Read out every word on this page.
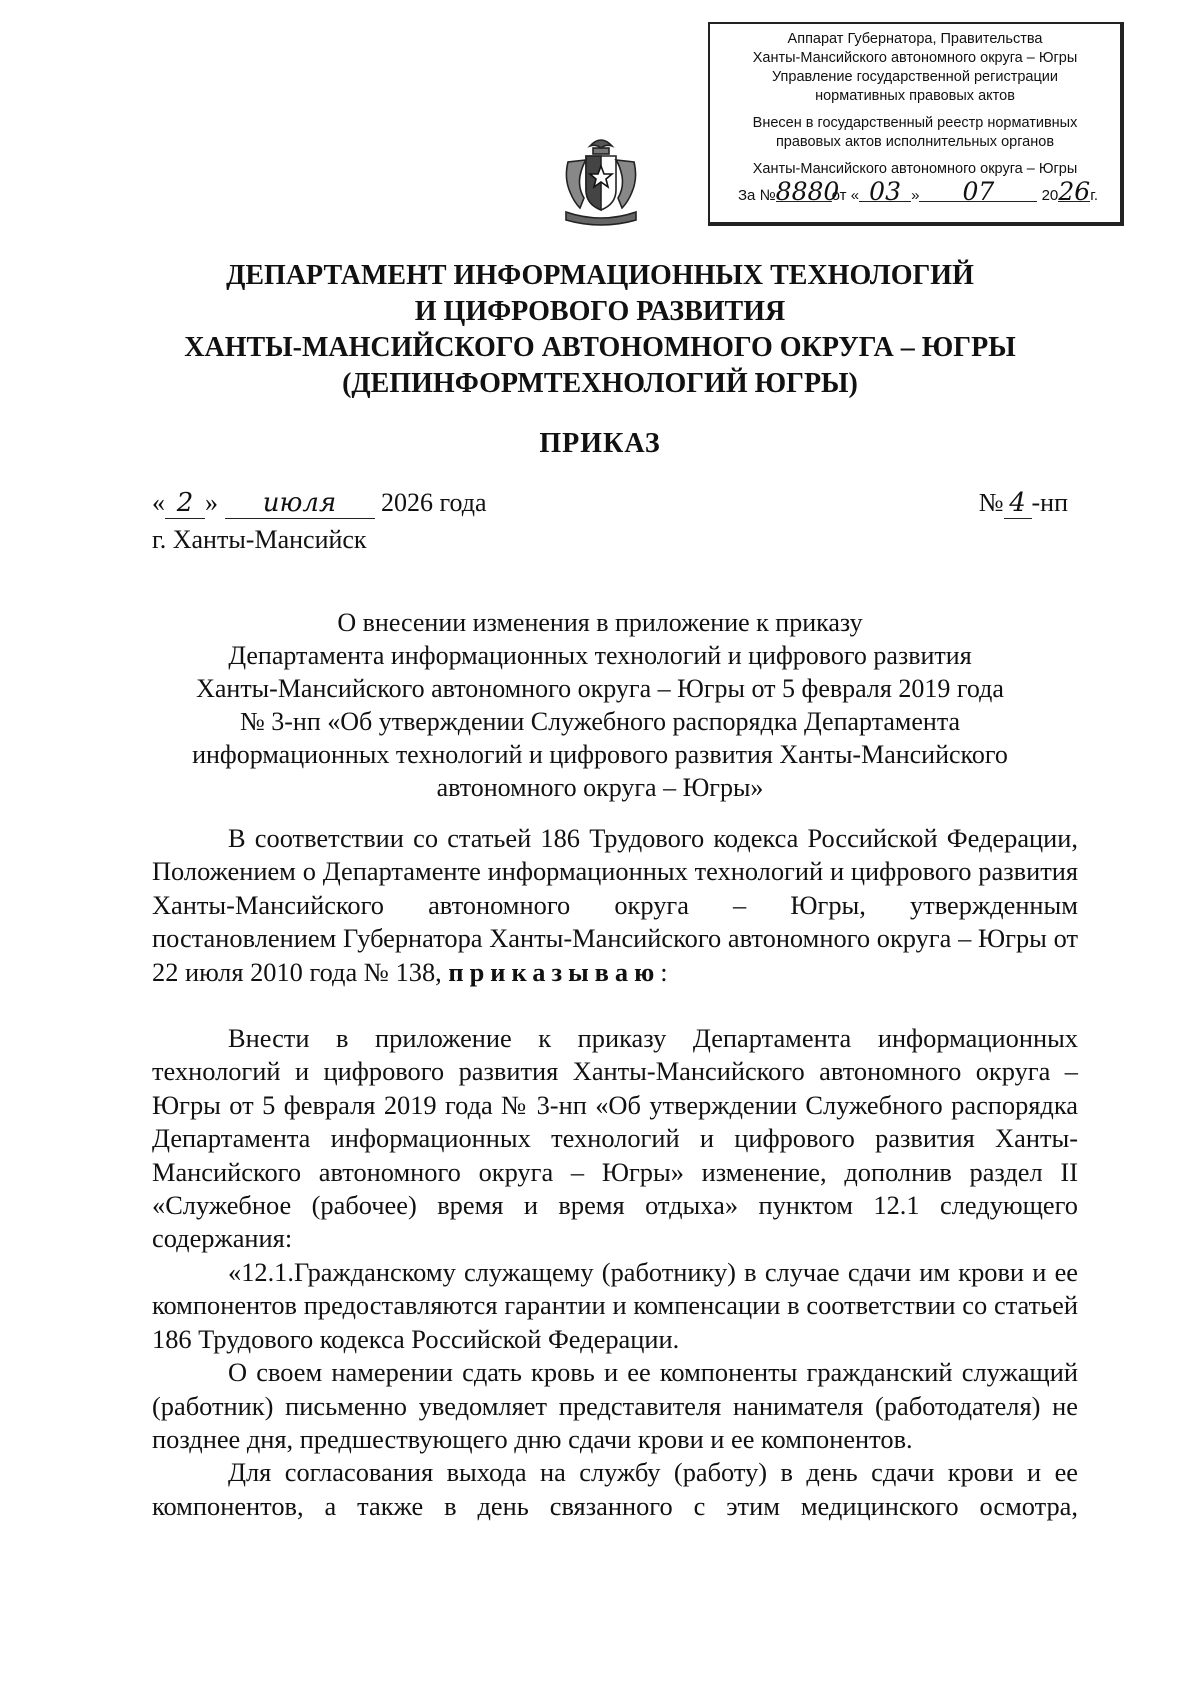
Аппарат Губернатора, Правительства
Ханты-Мансийского автономного округа – Югры
Управление государственной регистрации
нормативных правовых актов
Внесен в государственный реестр нормативных
правовых актов исполнительных органов
Ханты-Мансийского автономного округа – Югры
За №8880от « 03 » 07	2026г.
ДЕПАРТАМЕНТ ИНФОРМАЦИОННЫХ ТЕХНОЛОГИЙ
И ЦИФРОВОГО РАЗВИТИЯ
ХАНТЫ-МАНСИЙСКОГО АВТОНОМНОГО ОКРУГА – ЮГРЫ
(ДЕПИНФОРМТЕХНОЛОГИЙ ЮГРЫ)
ПРИКАЗ
« 2 » июля 2026 года	№ 4 -нп
г. Ханты-Мансийск
О внесении изменения в приложение к приказу
Департамента информационных технологий и цифрового развития
Ханты-Мансийского автономного округа – Югры от 5 февраля 2019 года
№ 3-нп «Об утверждении Служебного распорядка Департамента
информационных технологий и цифрового развития Ханты-Мансийского
автономного округа – Югры»

В соответствии со статьей 186 Трудового кодекса Российской Федерации, Положением о Департаменте информационных технологий и цифрового развития Ханты-Мансийского автономного округа – Югры, утвержденным постановлением Губернатора Ханты-Мансийского автономного округа – Югры от 22 июля 2010 года № 138, приказываю:

Внести в приложение к приказу Департамента информационных технологий и цифрового развития Ханты-Мансийского автономного округа – Югры от 5 февраля 2019 года № 3-нп «Об утверждении Служебного распорядка Департамента информационных технологий и цифрового развития Ханты-Мансийского автономного округа – Югры» изменение, дополнив раздел II «Служебное (рабочее) время и время отдыха» пунктом 12.1 следующего содержания:

«12.1.Гражданскому служащему (работнику) в случае сдачи им крови и ее компонентов предоставляются гарантии и компенсации в соответствии со статьей 186 Трудового кодекса Российской Федерации.

О своем намерении сдать кровь и ее компоненты гражданский служащий (работник) письменно уведомляет представителя нанимателя (работодателя) не позднее дня, предшествующего дню сдачи крови и ее компонентов.

Для согласования выхода на службу (работу) в день сдачи крови и ее компонентов, а также в день связанного с этим медицинского осмотра,
